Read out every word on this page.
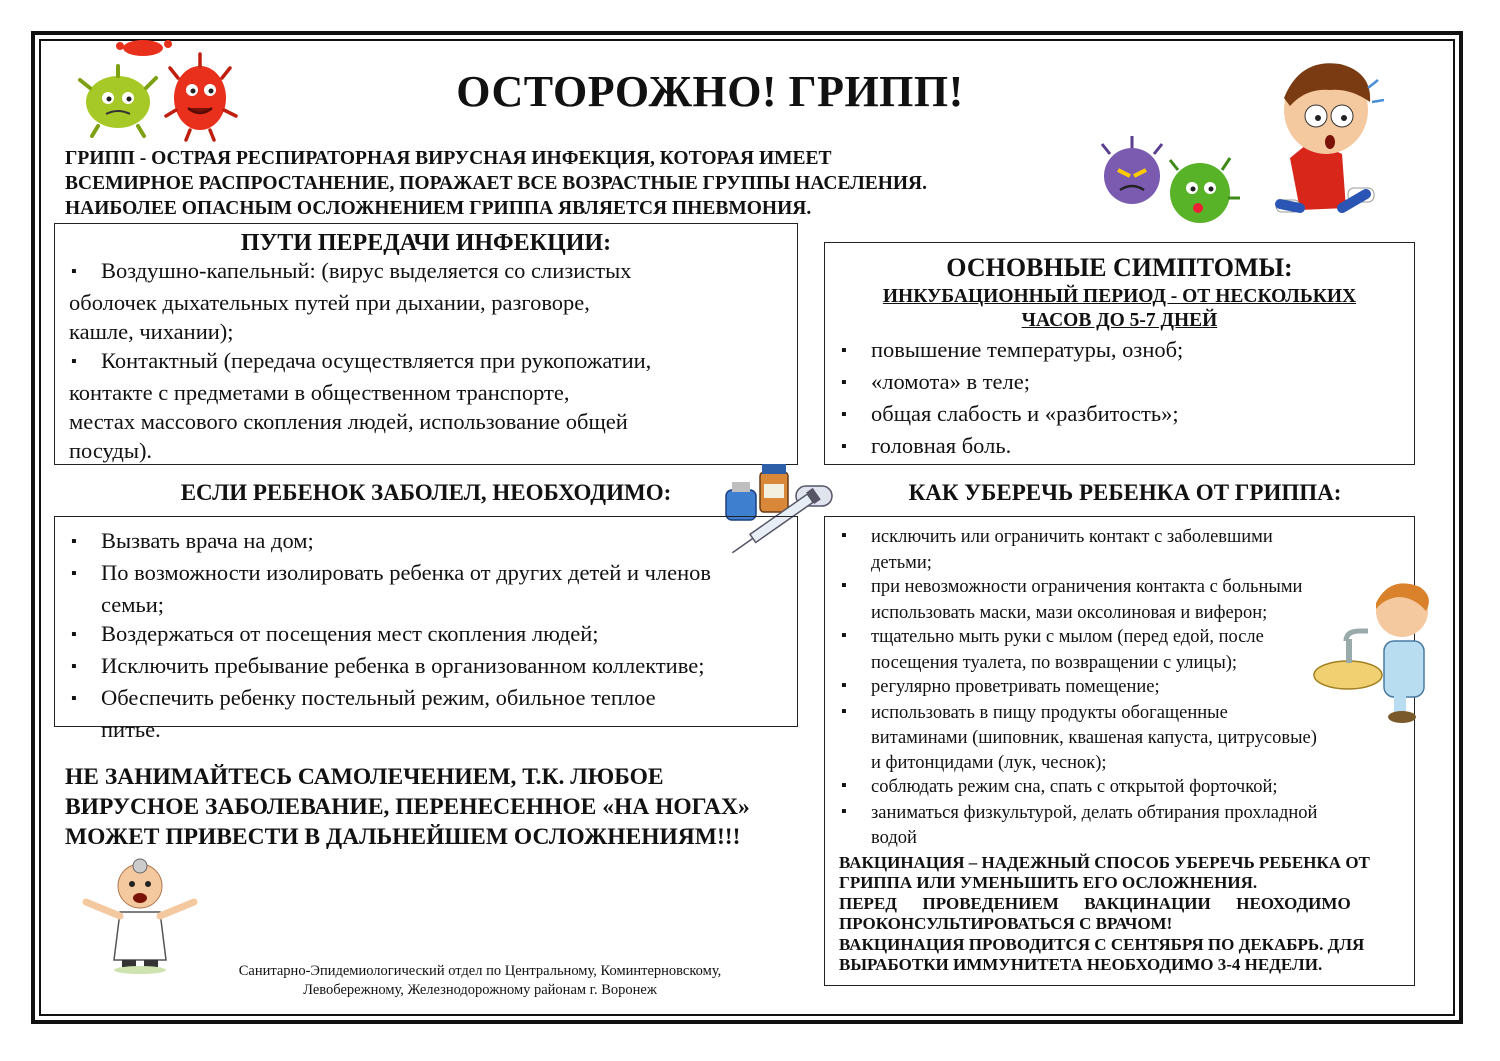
ОСТОРОЖНО! ГРИПП!
ГРИПП - ОСТРАЯ РЕСПИРАТОРНАЯ ВИРУСНАЯ ИНФЕКЦИЯ, КОТОРАЯ ИМЕЕТ
ВСЕМИРНОЕ РАСПРОСТАНЕНИЕ, ПОРАЖАЕТ ВСЕ ВОЗРАСТНЫЕ ГРУППЫ НАСЕЛЕНИЯ.
НАИБОЛЕЕ ОПАСНЫМ ОСЛОЖНЕНИЕМ ГРИППА ЯВЛЯЕТСЯ ПНЕВМОНИЯ.
ПУТИ ПЕРЕДАЧИ ИНФЕКЦИИ:
▪Воздушно-капельный: (вирус выделяется со слизистых
оболочек дыхательных путей при дыхании, разговоре,
кашле, чихании);
▪Контактный (передача осуществляется при рукопожатии,
контакте с предметами в общественном транспорте,
местах массового скопления людей, использование общей
посуды).
ОСНОВНЫЕ СИМПТОМЫ:
ИНКУБАЦИОННЫЙ ПЕРИОД - ОТ НЕСКОЛЬКИХ
ЧАСОВ ДО 5-7 ДНЕЙ
▪повышение температуры, озноб;
▪«ломота» в теле;
▪общая слабость и «разбитость»;
▪головная боль.
ЕСЛИ РЕБЕНОК ЗАБОЛЕЛ, НЕОБХОДИМО:	КАК УБЕРЕЧЬ РЕБЕНКА ОТ ГРИППА:
▪Вызвать врача на дом;
▪По возможности изолировать ребенка от других детей и членов
семьи;
▪Воздержаться от посещения мест скопления людей;
▪Исключить пребывание ребенка в организованном коллективе;
▪Обеспечить ребенку постельный режим, обильное теплое
питье.
▪исключить или ограничить контакт с заболевшими
детьми;
▪при невозможности ограничения контакта с больными
использовать маски, мази оксолиновая и виферон;
▪тщательно мыть руки с мылом (перед едой, после
посещения туалета, по возвращении с улицы);
▪регулярно проветривать помещение;
▪использовать в пищу продукты обогащенные
витаминами (шиповник, квашеная капуста, цитрусовые)
и фитонцидами (лук, чеснок);
▪соблюдать режим сна, спать с открытой форточкой;
▪заниматься физкультурой, делать обтирания прохладной
водой
ВАКЦИНАЦИЯ – НАДЕЖНЫЙ СПОСОБ УБЕРЕЧЬ РЕБЕНКА ОТ
ГРИППА ИЛИ УМЕНЬШИТЬ ЕГО ОСЛОЖНЕНИЯ.
ПЕРЕД      ПРОВЕДЕНИЕМ      ВАКЦИНАЦИИ      НЕОХОДИМО
ПРОКОНСУЛЬТИРОВАТЬСЯ С ВРАЧОМ!
ВАКЦИНАЦИЯ ПРОВОДИТСЯ С СЕНТЯБРЯ ПО ДЕКАБРЬ. ДЛЯ
ВЫРАБОТКИ ИММУНИТЕТА НЕОБХОДИМО 3-4 НЕДЕЛИ.
НЕ ЗАНИМАЙТЕСЬ САМОЛЕЧЕНИЕМ, Т.К. ЛЮБОЕ
ВИРУСНОЕ ЗАБОЛЕВАНИЕ, ПЕРЕНЕСЕННОЕ «НА НОГАХ»
МОЖЕТ ПРИВЕСТИ В ДАЛЬНЕЙШЕМ ОСЛОЖНЕНИЯМ!!!
Санитарно-Эпидемиологический отдел по Центральному, Коминтерновскому,
Левобережному, Железнодорожному районам г. Воронеж
